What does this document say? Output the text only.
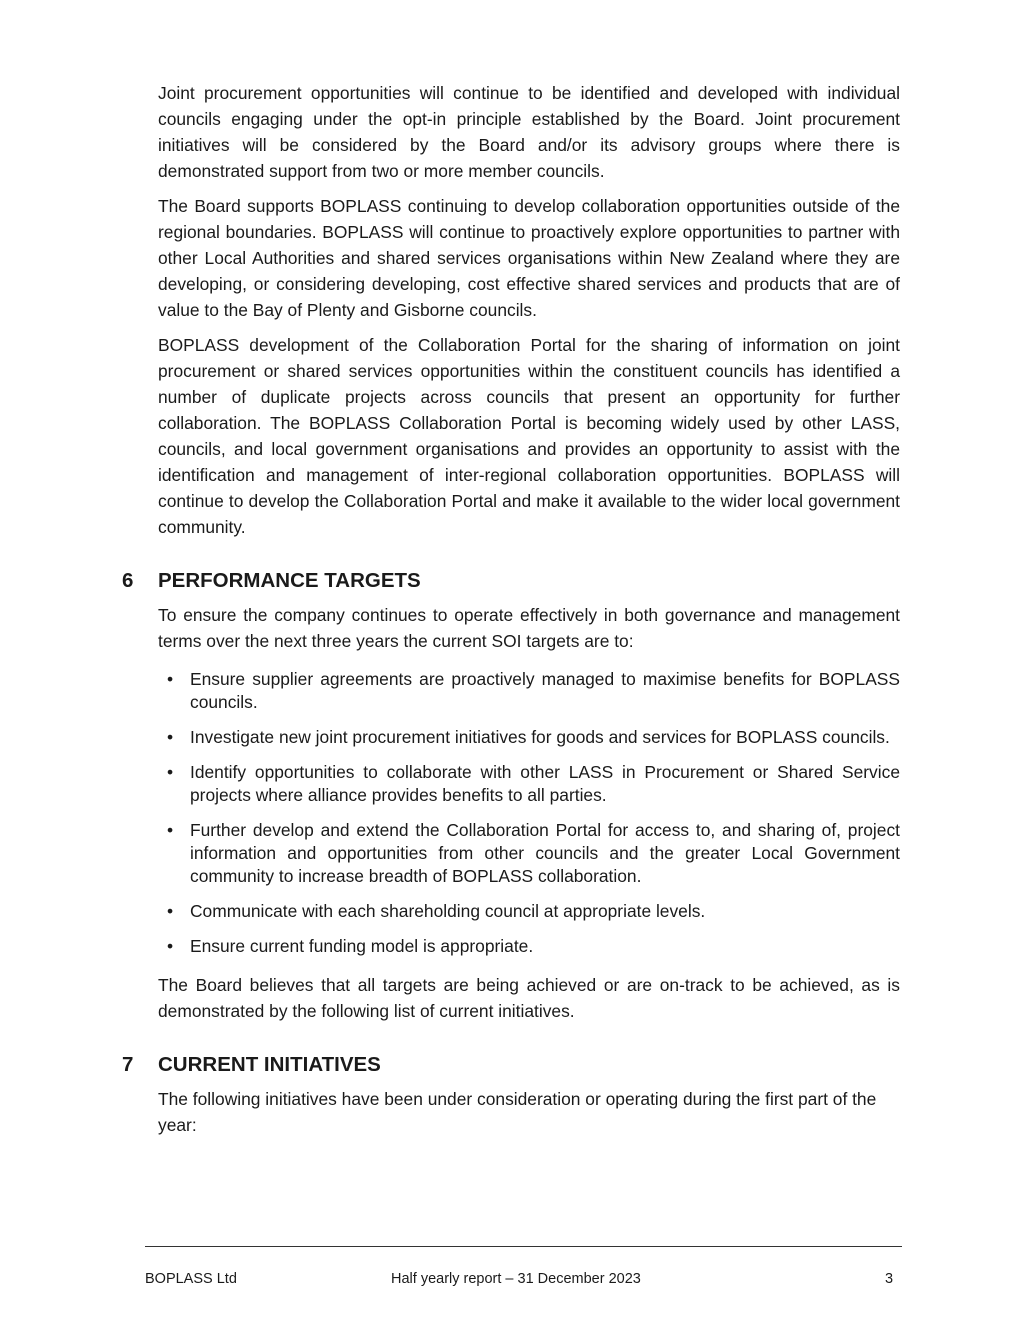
Joint procurement opportunities will continue to be identified and developed with individual councils engaging under the opt-in principle established by the Board. Joint procurement initiatives will be considered by the Board and/or its advisory groups where there is demonstrated support from two or more member councils.

The Board supports BOPLASS continuing to develop collaboration opportunities outside of the regional boundaries. BOPLASS will continue to proactively explore opportunities to partner with other Local Authorities and shared services organisations within New Zealand where they are developing, or considering developing, cost effective shared services and products that are of value to the Bay of Plenty and Gisborne councils.

BOPLASS development of the Collaboration Portal for the sharing of information on joint procurement or shared services opportunities within the constituent councils has identified a number of duplicate projects across councils that present an opportunity for further collaboration. The BOPLASS Collaboration Portal is becoming widely used by other LASS, councils, and local government organisations and provides an opportunity to assist with the identification and management of inter-regional collaboration opportunities. BOPLASS will continue to develop the Collaboration Portal and make it available to the wider local government community.

6 PERFORMANCE TARGETS

To ensure the company continues to operate effectively in both governance and management terms over the next three years the current SOI targets are to:

• Ensure supplier agreements are proactively managed to maximise benefits for BOPLASS councils.
• Investigate new joint procurement initiatives for goods and services for BOPLASS councils.
• Identify opportunities to collaborate with other LASS in Procurement or Shared Service projects where alliance provides benefits to all parties.
• Further develop and extend the Collaboration Portal for access to, and sharing of, project information and opportunities from other councils and the greater Local Government community to increase breadth of BOPLASS collaboration.
• Communicate with each shareholding council at appropriate levels.
• Ensure current funding model is appropriate.

The Board believes that all targets are being achieved or are on-track to be achieved, as is demonstrated by the following list of current initiatives.

7 CURRENT INITIATIVES

The following initiatives have been under consideration or operating during the first part of the year:

BOPLASS Ltd	Half yearly report – 31 December 2023	3
